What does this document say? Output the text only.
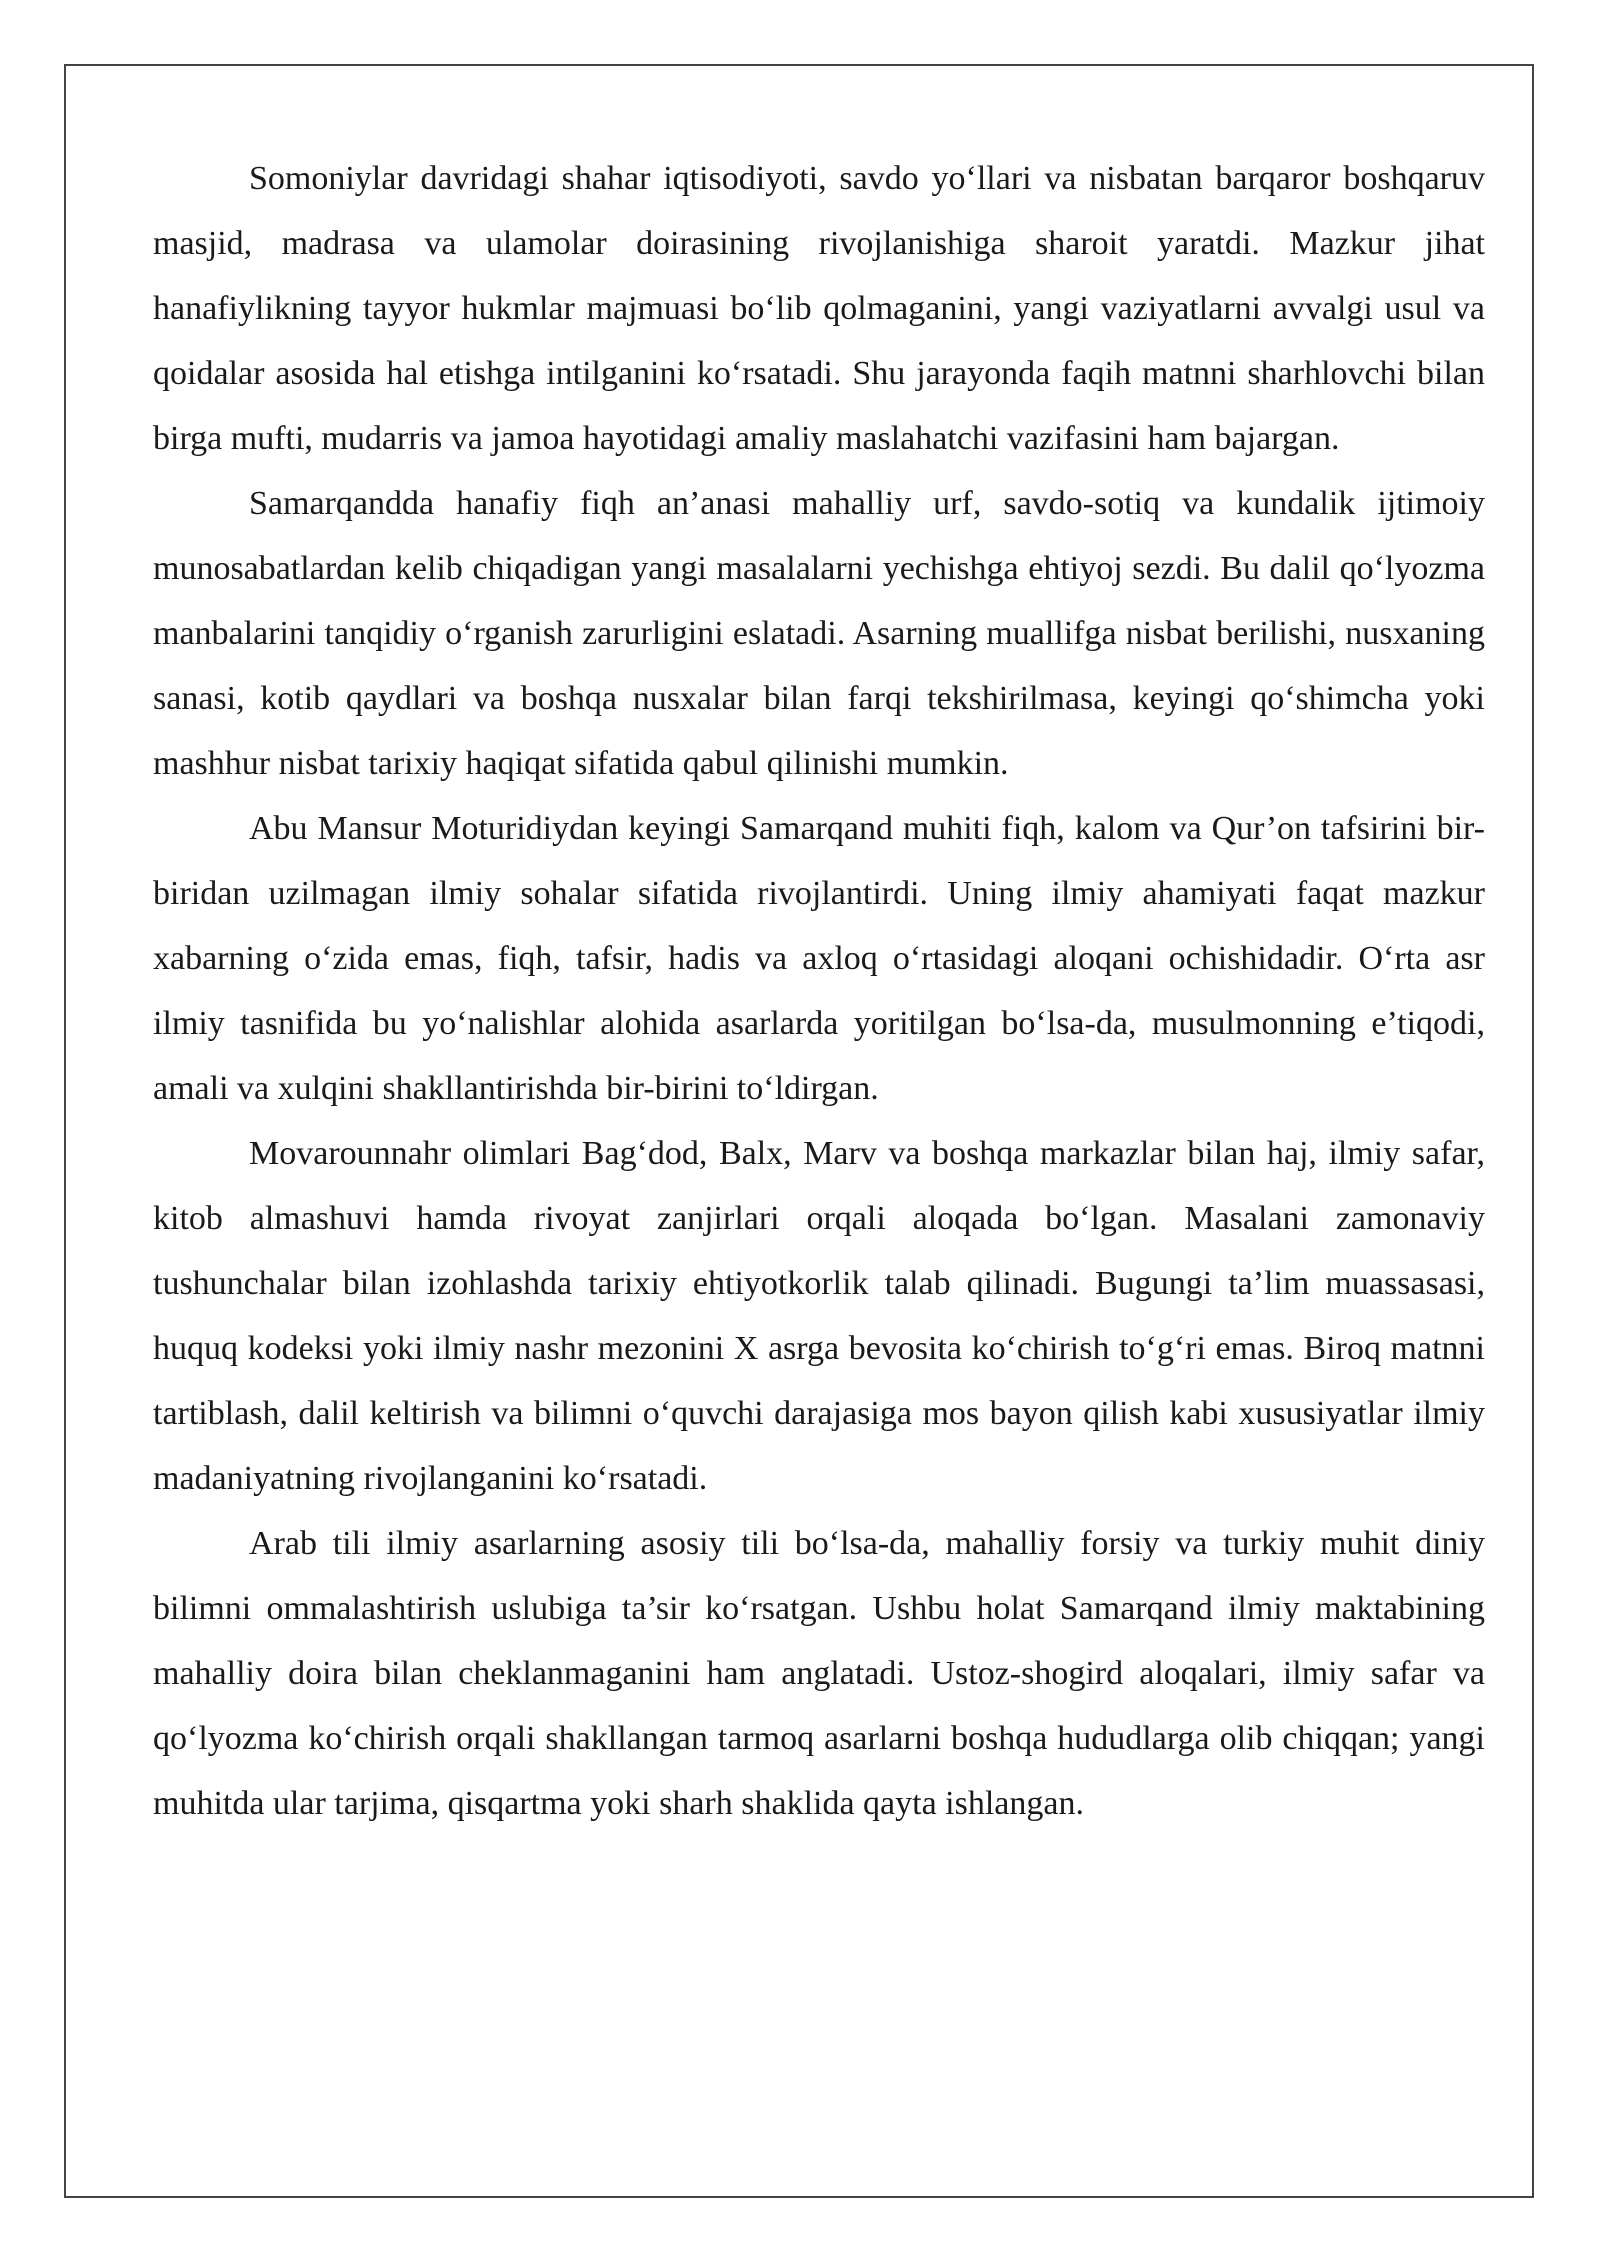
Somoniylar davridagi shahar iqtisodiyoti, savdo yo‘llari va nisbatan barqaror boshqaruv masjid, madrasa va ulamolar doirasining rivojlanishiga sharoit yaratdi. Mazkur jihat hanafiylikning tayyor hukmlar majmuasi bo‘lib qolmaganini, yangi vaziyatlarni avvalgi usul va qoidalar asosida hal etishga intilganini ko‘rsatadi. Shu jarayonda faqih matnni sharhlovchi bilan birga mufti, mudarris va jamoa hayotidagi amaliy maslahatchi vazifasini ham bajargan.

Samarqandda hanafiy fiqh an’anasi mahalliy urf, savdo-sotiq va kundalik ijtimoiy munosabatlardan kelib chiqadigan yangi masalalarni yechishga ehtiyoj sezdi. Bu dalil qo‘lyozma manbalarini tanqidiy o‘rganish zarurligini eslatadi. Asarning muallifga nisbat berilishi, nusxaning sanasi, kotib qaydlari va boshqa nusxalar bilan farqi tekshirilmasa, keyingi qo‘shimcha yoki mashhur nisbat tarixiy haqiqat sifatida qabul qilinishi mumkin.

Abu Mansur Moturidiydan keyingi Samarqand muhiti fiqh, kalom va Qur’on tafsirini bir-biridan uzilmagan ilmiy sohalar sifatida rivojlantirdi. Uning ilmiy ahamiyati faqat mazkur xabarning o‘zida emas, fiqh, tafsir, hadis va axloq o‘rtasidagi aloqani ochishidadir. O‘rta asr ilmiy tasnifida bu yo‘nalishlar alohida asarlarda yoritilgan bo‘lsa-da, musulmonning e’tiqodi, amali va xulqini shakllantirishda bir-birini to‘ldirgan.

Movarounnahr olimlari Bag‘dod, Balx, Marv va boshqa markazlar bilan haj, ilmiy safar, kitob almashuvi hamda rivoyat zanjirlari orqali aloqada bo‘lgan. Masalani zamonaviy tushunchalar bilan izohlashda tarixiy ehtiyotkorlik talab qilinadi. Bugungi ta’lim muassasasi, huquq kodeksi yoki ilmiy nashr mezonini X asrga bevosita ko‘chirish to‘g‘ri emas. Biroq matnni tartiblash, dalil keltirish va bilimni o‘quvchi darajasiga mos bayon qilish kabi xususiyatlar ilmiy madaniyatning rivojlanganini ko‘rsatadi.

Arab tili ilmiy asarlarning asosiy tili bo‘lsa-da, mahalliy forsiy va turkiy muhit diniy bilimni ommalashtirish uslubiga ta’sir ko‘rsatgan. Ushbu holat Samarqand ilmiy maktabining mahalliy doira bilan cheklanmaganini ham anglatadi. Ustoz-shogird aloqalari, ilmiy safar va qo‘lyozma ko‘chirish orqali shakllangan tarmoq asarlarni boshqa hududlarga olib chiqqan; yangi muhitda ular tarjima, qisqartma yoki sharh shaklida qayta ishlangan.
